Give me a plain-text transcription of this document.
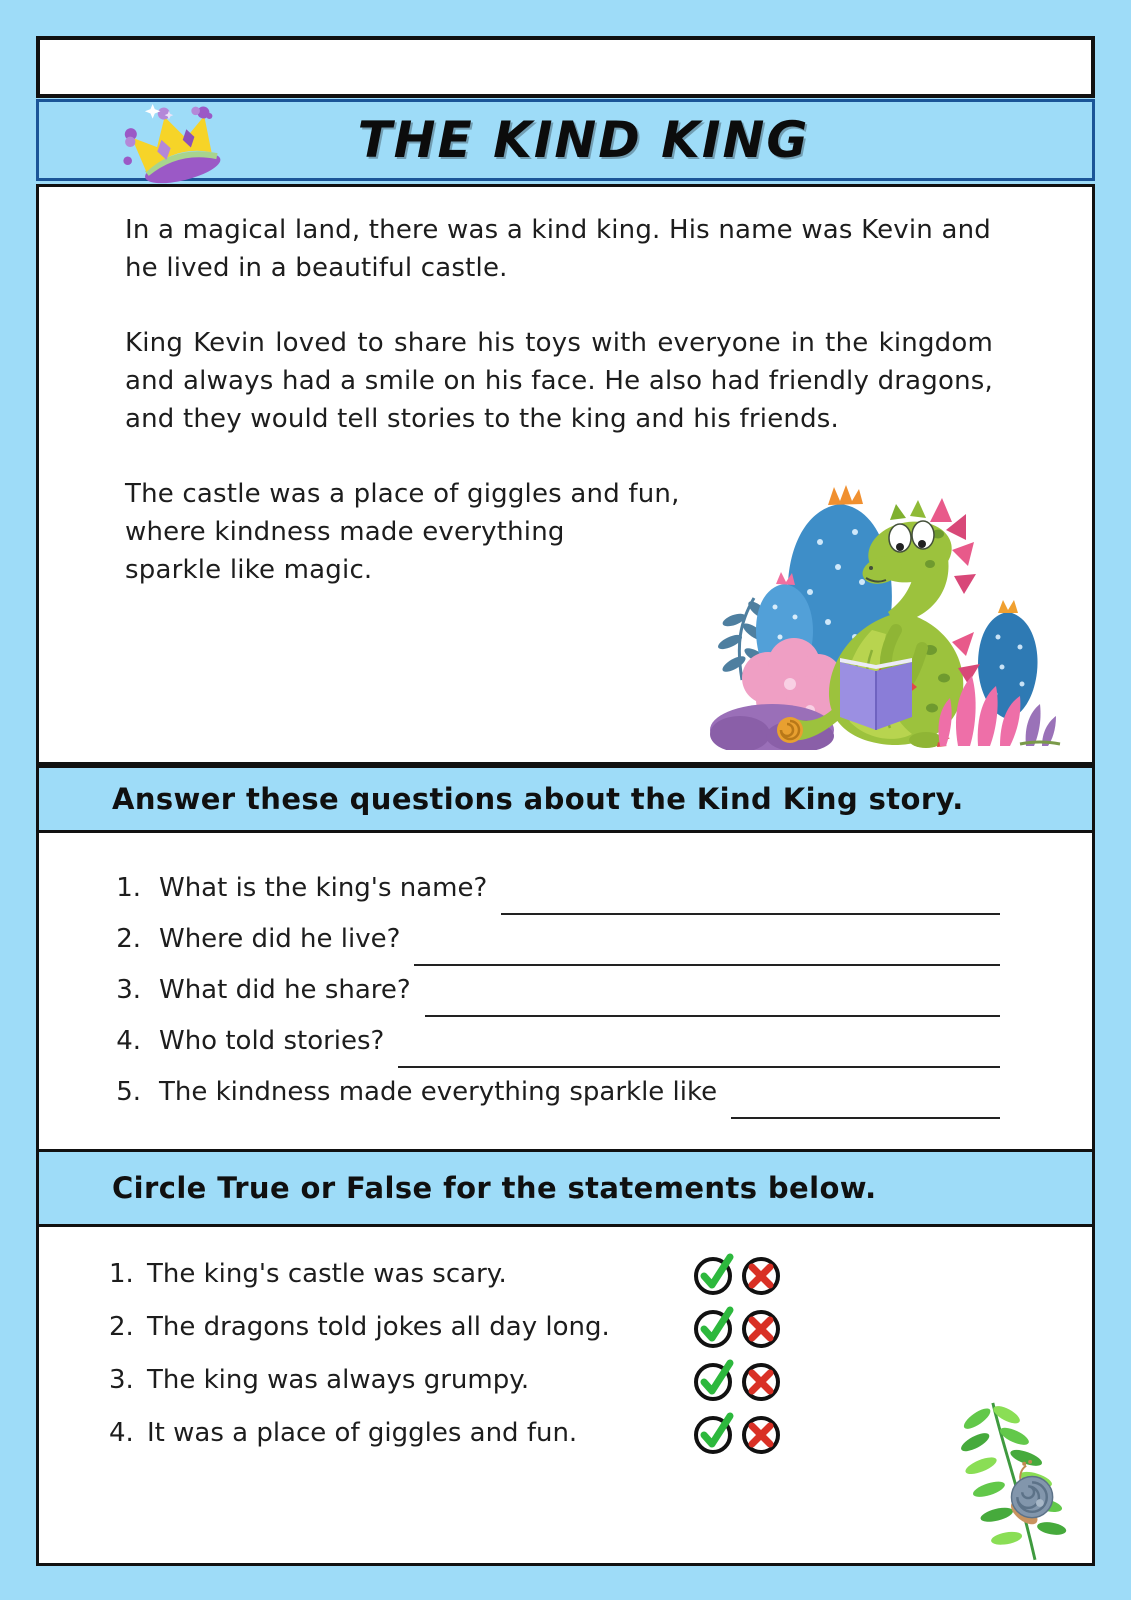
THE KIND KING

In a magical land, there was a kind king. His name was Kevin and he lived in a beautiful castle.

King Kevin loved to share his toys with everyone in the kingdom and always had a smile on his face. He also had friendly dragons, and they would tell stories to the king and his friends.

The castle was a place of giggles and fun,
where kindness made everything
sparkle like magic.

Answer these questions about the Kind King story.
1. What is the king's name?
2. Where did he live?
3. What did he share?
4. Who told stories?
5. The kindness made everything sparkle like
Circle True or False for the statements below.
1. The king's castle was scary.
2. The dragons told jokes all day long.
3. The king was always grumpy.
4. It was a place of giggles and fun.
